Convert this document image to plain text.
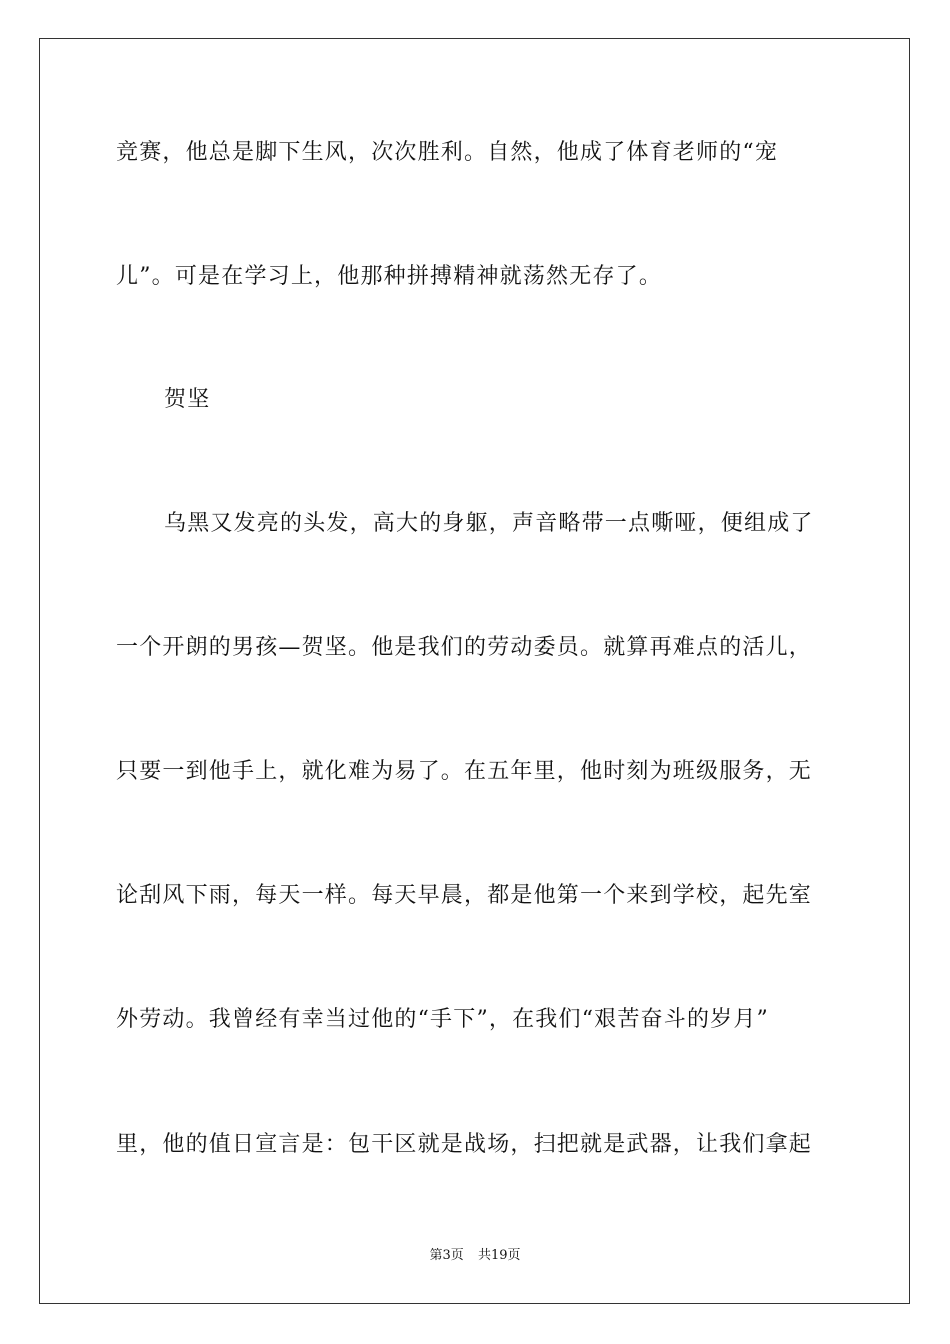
竞赛，他总是脚下生风，次次胜利。自然，他成了体育老师的“宠
儿”。可是在学习上，他那种拼搏精神就荡然无存了。
贺坚
乌黑又发亮的头发，高大的身躯，声音略带一点嘶哑，便组成了
一个开朗的男孩—贺坚。他是我们的劳动委员。就算再难点的活儿，
只要一到他手上，就化难为易了。在五年里，他时刻为班级服务，无
论刮风下雨，每天一样。每天早晨，都是他第一个来到学校，起先室
外劳动。我曾经有幸当过他的“手下”，在我们“艰苦奋斗的岁月”
里，他的值日宣言是：包干区就是战场，扫把就是武器，让我们拿起
第3页 共19页
